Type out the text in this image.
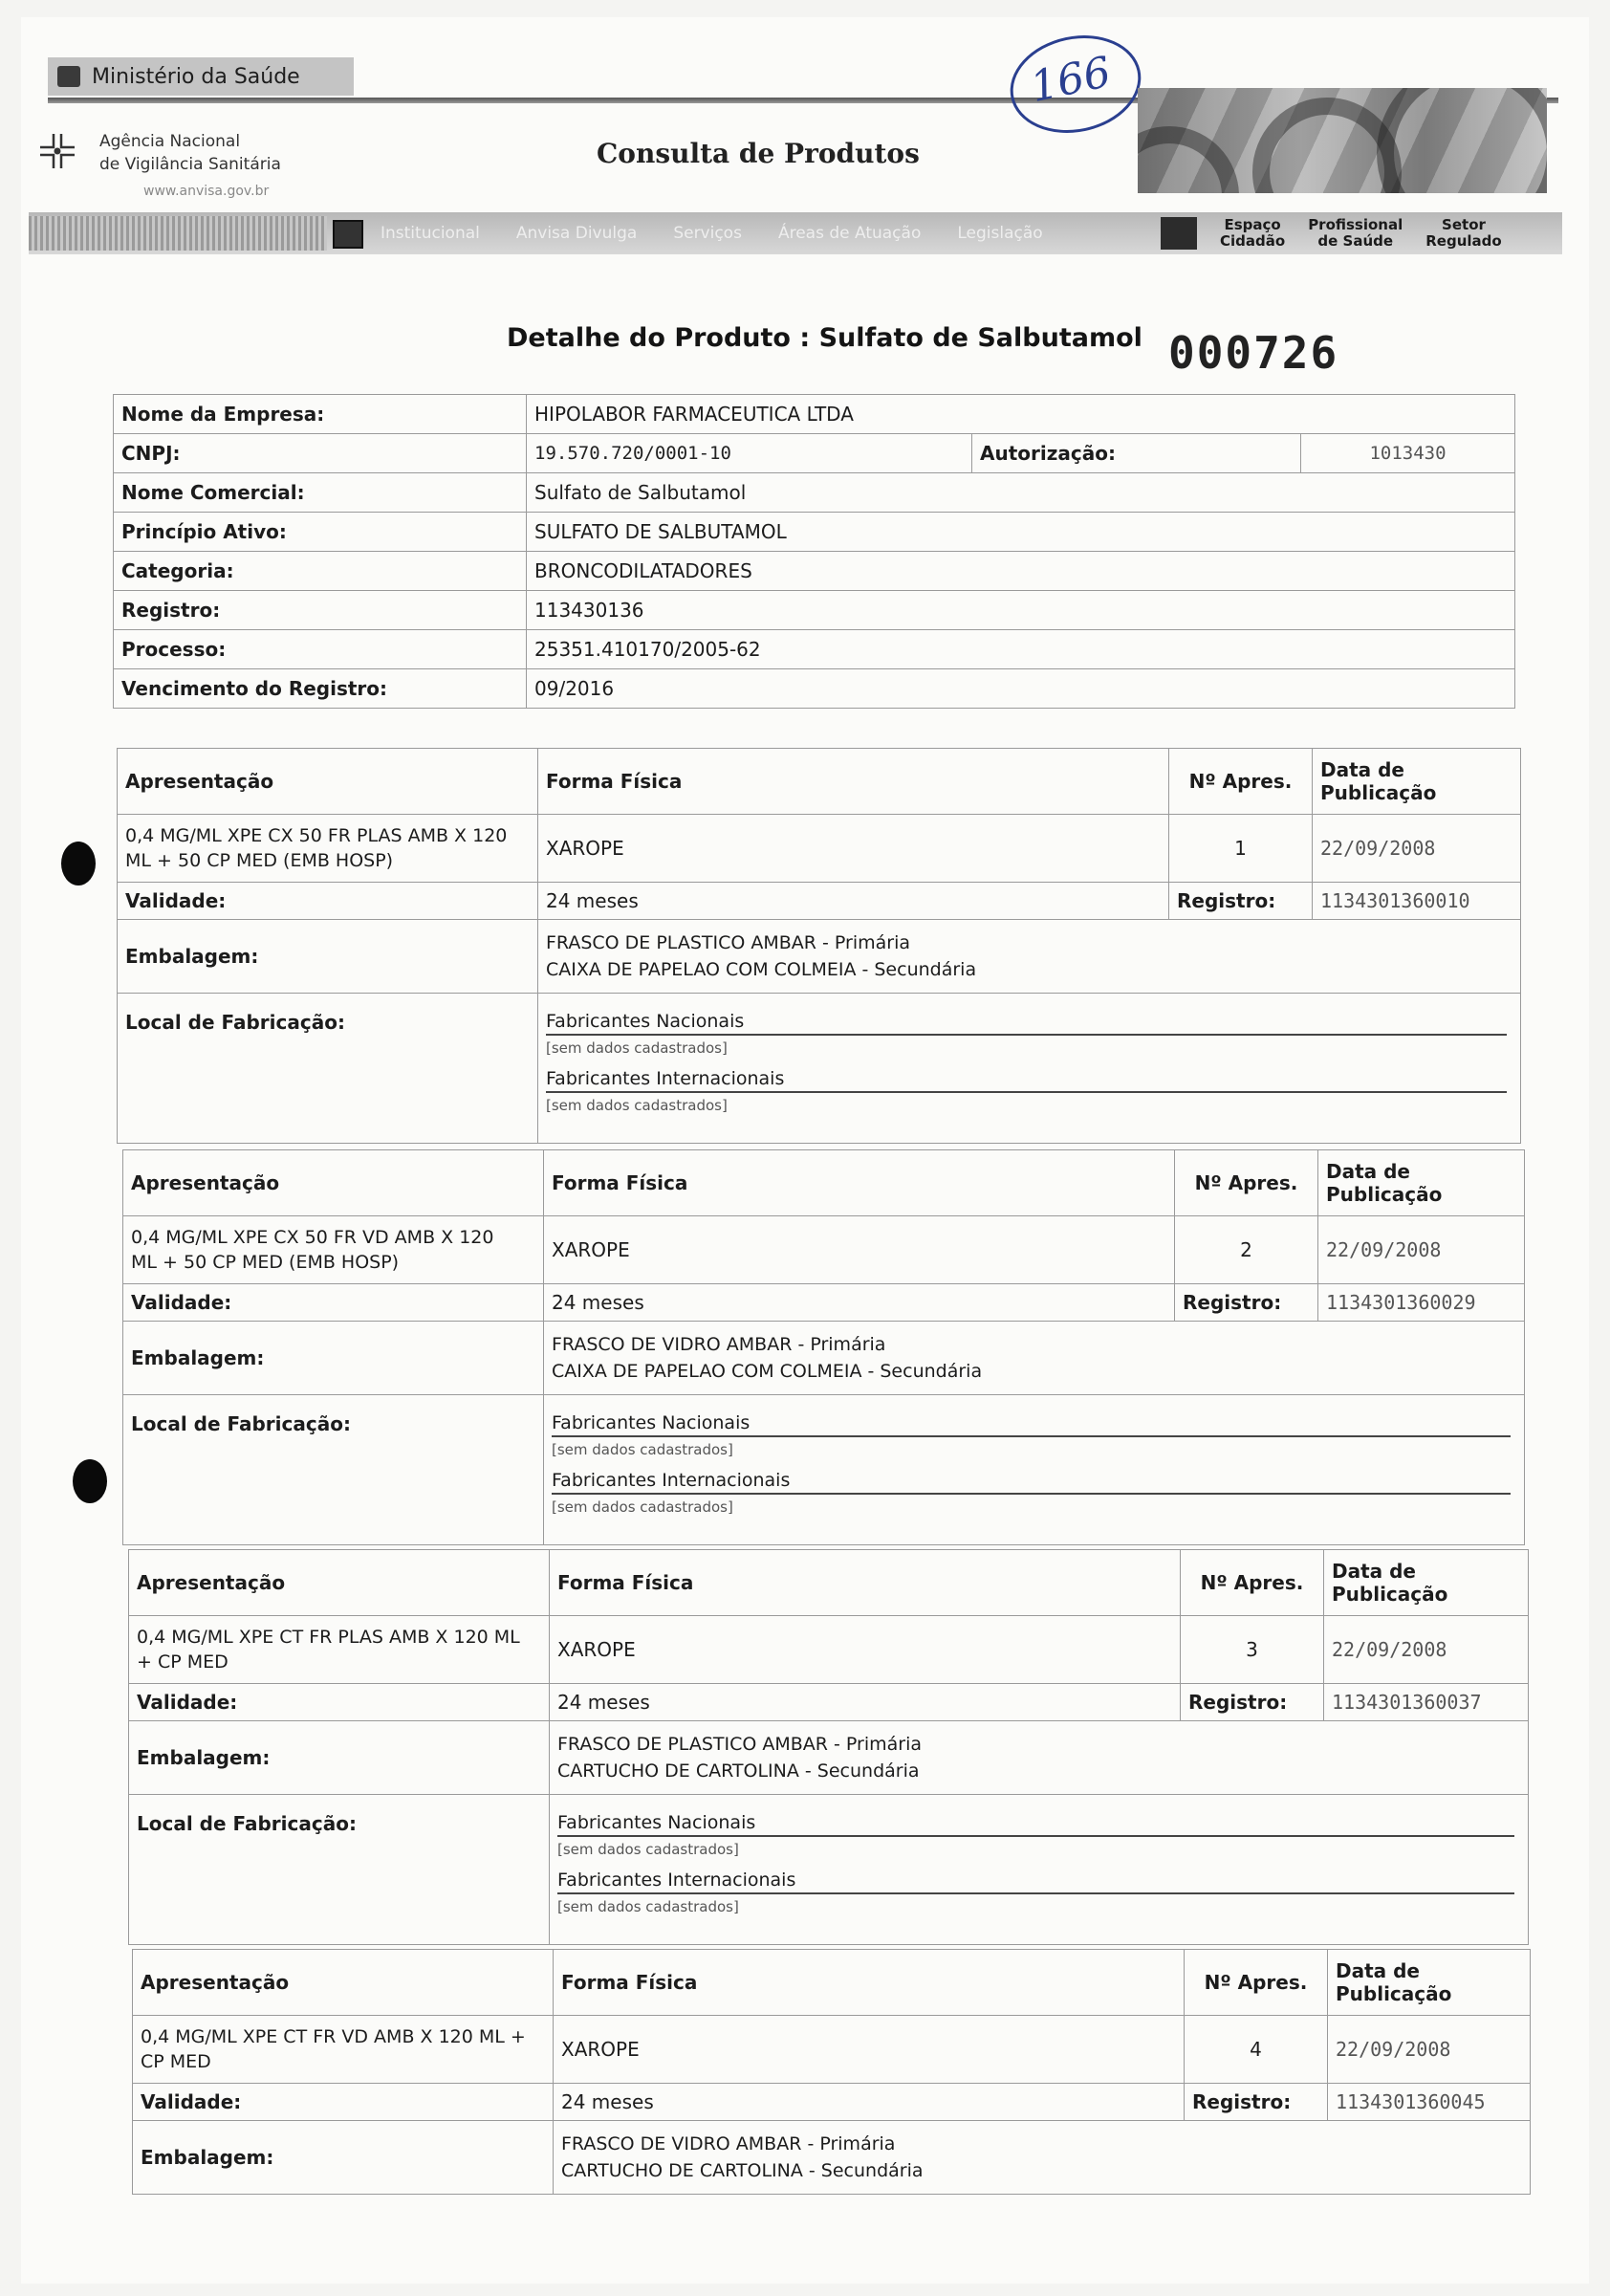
Ministério da Saúde
Agência Nacional
de Vigilância Sanitária
www.anvisa.gov.br
Consulta de Produtos
166
Institucional Anvisa Divulga Serviços Áreas de Atuação Legislação	Espaço
Cidadão
Profissional
de Saúde
Setor
Regulado
Detalhe do Produto : Sulfato de Salbutamol 000726
Nome da Empresa:	HIPOLABOR FARMACEUTICA LTDA		
CNPJ:	19.570.720/0001-10	Autorização:	1013430
Nome Comercial:	Sulfato de Salbutamol		
Princípio Ativo:	SULFATO DE SALBUTAMOL		
Categoria:	BRONCODILATADORES		
Registro:	113430136		
Processo:	25351.410170/2005-62		
Vencimento do Registro:	09/2016		
Apresentação	Forma Física	Nº Apres.	Data de
Publicação

0,4 MG/ML XPE CX 50 FR PLAS AMB X 120
ML + 50 CP MED (EMB HOSP)	XAROPE	1	22/09/2008
Validade:	24 meses	Registro:	1134301360010
Embalagem:	FRASCO DE PLASTICO AMBAR - Primária
CAIXA DE PAPELAO COM COLMEIA - Secundária		

Local de Fabricação:	Fabricantes Nacionais
[sem dados cadastrados]
Fabricantes Internacionais
[sem dados cadastrados]		
Apresentação	Forma Física	Nº Apres.	Data de
Publicação

0,4 MG/ML XPE CX 50 FR VD AMB X 120
ML + 50 CP MED (EMB HOSP)	XAROPE	2	22/09/2008
Validade:	24 meses	Registro:	1134301360029
Embalagem:	FRASCO DE VIDRO AMBAR - Primária
CAIXA DE PAPELAO COM COLMEIA - Secundária		

Local de Fabricação:	Fabricantes Nacionais
[sem dados cadastrados]
Fabricantes Internacionais
[sem dados cadastrados]		
Apresentação	Forma Física	Nº Apres.	Data de
Publicação

0,4 MG/ML XPE CT FR PLAS AMB X 120 ML
+ CP MED	XAROPE	3	22/09/2008
Validade:	24 meses	Registro:	1134301360037
Embalagem:	FRASCO DE PLASTICO AMBAR - Primária
CARTUCHO DE CARTOLINA - Secundária		

Local de Fabricação:	Fabricantes Nacionais
[sem dados cadastrados]
Fabricantes Internacionais
[sem dados cadastrados]		
Apresentação	Forma Física	Nº Apres.	Data de
Publicação

0,4 MG/ML XPE CT FR VD AMB X 120 ML +
CP MED	XAROPE	4	22/09/2008
Validade:	24 meses	Registro:	1134301360045
Embalagem:	FRASCO DE VIDRO AMBAR - Primária
CARTUCHO DE CARTOLINA - Secundária		
